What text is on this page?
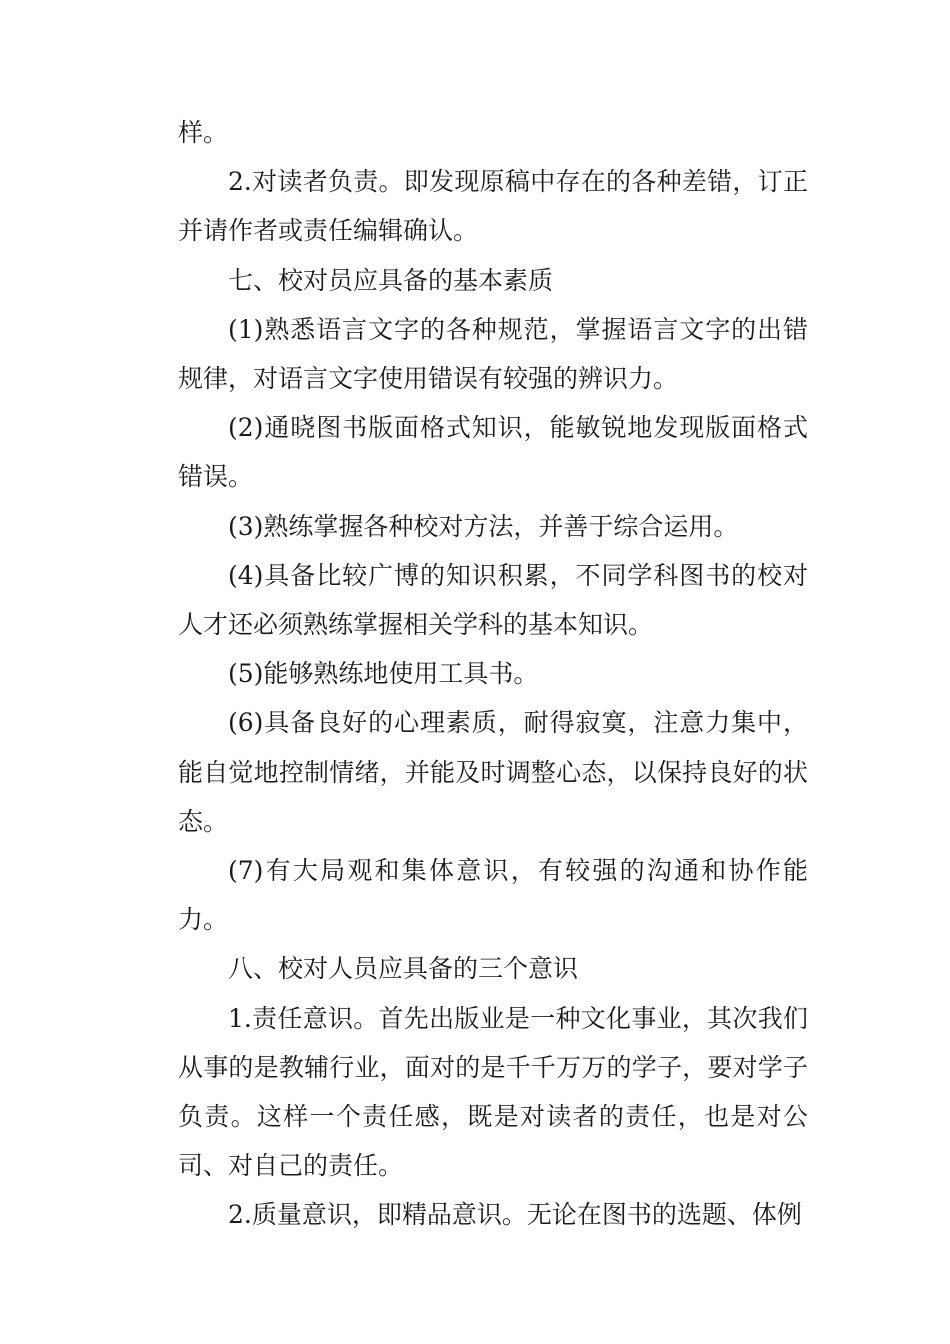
样。

2.对读者负责。即发现原稿中存在的各种差错，订正并请作者或责任编辑确认。

七、校对员应具备的基本素质

(1)熟悉语言文字的各种规范，掌握语言文字的出错规律，对语言文字使用错误有较强的辨识力。

(2)通晓图书版面格式知识，能敏锐地发现版面格式错误。

(3)熟练掌握各种校对方法，并善于综合运用。

(4)具备比较广博的知识积累，不同学科图书的校对人才还必须熟练掌握相关学科的基本知识。

(5)能够熟练地使用工具书。

(6)具备良好的心理素质，耐得寂寞，注意力集中，能自觉地控制情绪，并能及时调整心态，以保持良好的状态。

(7)有大局观和集体意识，有较强的沟通和协作能力。

八、校对人员应具备的三个意识

1.责任意识。首先出版业是一种文化事业，其次我们从事的是教辅行业，面对的是千千万万的学子，要对学子负责。这样一个责任感，既是对读者的责任，也是对公司、对自己的责任。

2.质量意识，即精品意识。无论在图书的选题、体例
